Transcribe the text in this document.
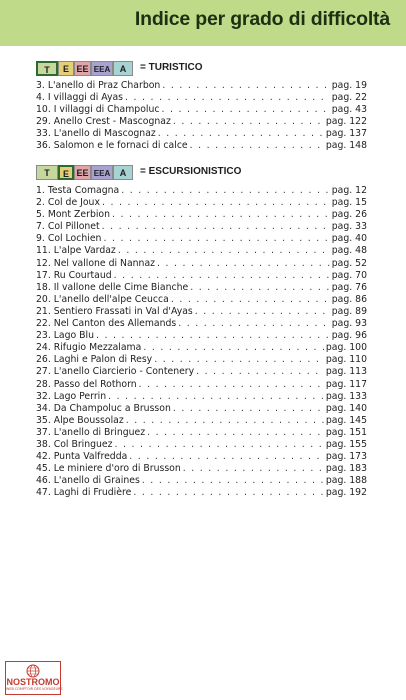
Indice per grado di difficoltà
T E EE EEA A	= TURISTICO
3. L'anello di Praz Charbon . . .	pag. 19
4. I villaggi di Ayas . . .	pag. 22
10. I villaggi di Champoluc . . .	pag. 43
29. Anello Crest - Mascognaz . . .	pag. 122
33. L'anello di Mascognaz . . .	pag. 137
36. Salomon e le fornaci di calce . . .	pag. 148
T E EE EEA A	= ESCURSIONISTICO
1. Testa Comagna . . .	pag. 12
2. Col de Joux . . .	pag. 15
5. Mont Zerbion . . .	pag. 26
7. Col Pillonet . . .	pag. 33
9. Col Lochien . . .	pag. 40
11. L'alpe Vardaz . . .	pag. 48
12. Nel vallone di Nannaz . . .	pag. 52
17. Ru Courtaud . . .	pag. 70
18. Il vallone delle Cime Bianche . . .	pag. 76
20. L'anello dell'alpe Ceucca . . .	pag. 86
21. Sentiero Frassati in Val d'Ayas . . .	pag. 89
22. Nel Canton des Allemands . . .	pag. 93
23. Lago Blu . . .	pag. 96
24. Rifugio Mezzalama . . .	pag. 100
26. Laghi e Palon di Resy . . .	pag. 110
27. L'anello Ciarcierio - Contenery . . .	pag. 113
28. Passo del Rothorn . . .	pag. 117
32. Lago Perrin . . .	pag. 133
34. Da Champoluc a Brusson . . .	pag. 140
35. Alpe Boussolaz . . .	pag. 145
37. L'anello di Bringuez . . .	pag. 151
38. Col Bringuez . . .	pag. 155
42. Punta Valfredda . . .	pag. 173
45. Le miniere d'oro di Brusson . . .	pag. 183
46. L'anello di Graines . . .	pag. 188
47. Laghi di Frudière . . .	pag. 192
NOSTROMO
WEB COMPTOIR DES VOYAGEURS
